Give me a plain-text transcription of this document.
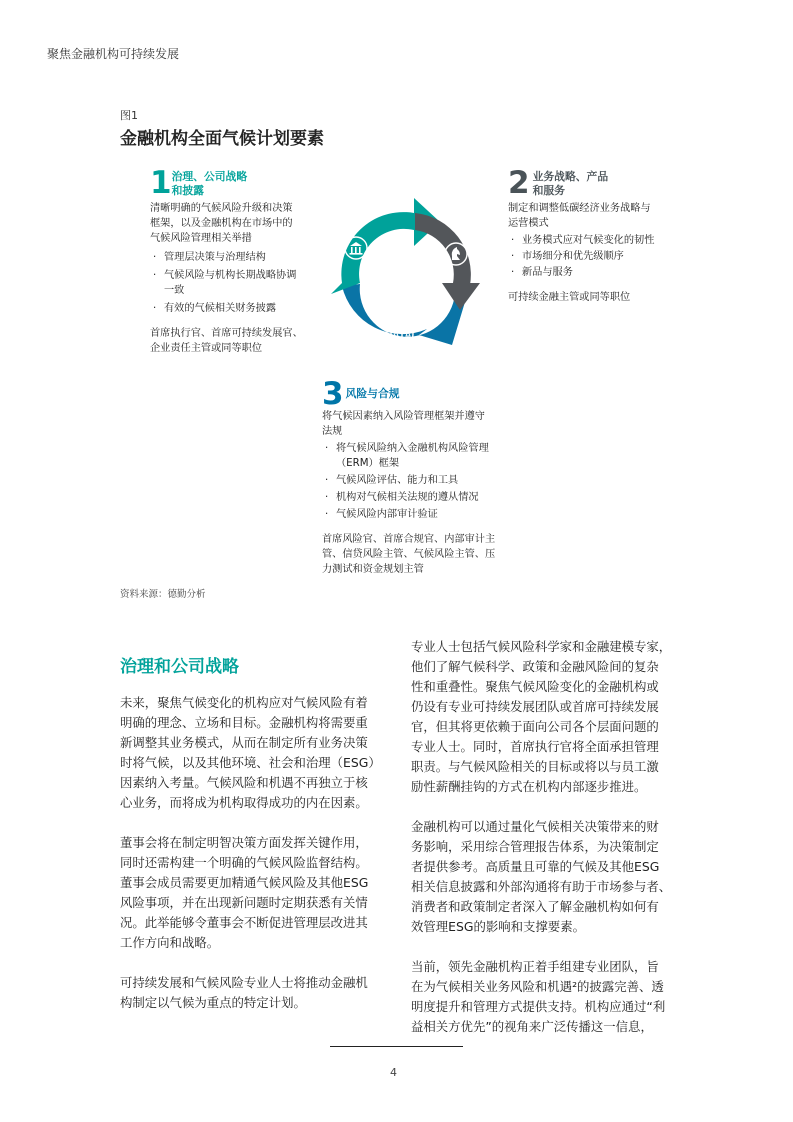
聚焦金融机构可持续发展
图1
金融机构全面气候计划要素
1治理、公司战略
和披露
清晰明确的气候风险升级和决策
框架，以及金融机构在市场中的
气候风险管理相关举措
· 管理层决策与治理结构
· 气候风险与机构长期战略协调
一致
· 有效的气候相关财务披露
首席执行官、首席可持续发展官、
企业责任主管或同等职位
2 业务战略、产品
和服务
制定和调整低碳经济业务战略与
运营模式
· 业务模式应对气候变化的韧性
· 市场细分和优先级顺序
· 新品与服务
可持续金融主管或同等职位
3 风险与合规
将气候因素纳入风险管理框架并遵守
法规
· 将气候风险纳入金融机构风险管理
（ERM）框架
· 气候风险评估、能力和工具
· 机构对气候相关法规的遵从情况
· 气候风险内部审计验证
首席风险官、首席合规官、内部审计主
管、信贷风险主管、气候风险主管、压
力测试和资金规划主管
资料来源：德勤分析
治理和公司战略

未来，聚焦气候变化的机构应对气候风险有着
明确的理念、立场和目标。金融机构将需要重
新调整其业务模式，从而在制定所有业务决策
时将气候，以及其他环境、社会和治理（ESG）
因素纳入考量。气候风险和机遇不再独立于核
心业务，而将成为机构取得成功的内在因素。

董事会将在制定明智决策方面发挥关键作用，
同时还需构建一个明确的气候风险监督结构。
董事会成员需要更加精通气候风险及其他ESG
风险事项，并在出现新问题时定期获悉有关情
况。此举能够令董事会不断促进管理层改进其
工作方向和战略。

可持续发展和气候风险专业人士将推动金融机
构制定以气候为重点的特定计划。

专业人士包括气候风险科学家和金融建模专家，
他们了解气候科学、政策和金融风险间的复杂
性和重叠性。聚焦气候风险变化的金融机构或
仍设有专业可持续发展团队或首席可持续发展
官，但其将更依赖于面向公司各个层面问题的
专业人士。同时，首席执行官将全面承担管理
职责。与气候风险相关的目标或将以与员工激
励性薪酬挂钩的方式在机构内部逐步推进。

金融机构可以通过量化气候相关决策带来的财
务影响，采用综合管理报告体系，为决策制定
者提供参考。高质量且可靠的气候及其他ESG
相关信息披露和外部沟通将有助于市场参与者、
消费者和政策制定者深入了解金融机构如何有
效管理ESG的影响和支撑要素。

当前，领先金融机构正着手组建专业团队，旨
在为气候相关业务风险和机遇²的披露完善、透
明度提升和管理方式提供支持。机构应通过“利
益相关方优先”的视角来广泛传播这一信息，

4
